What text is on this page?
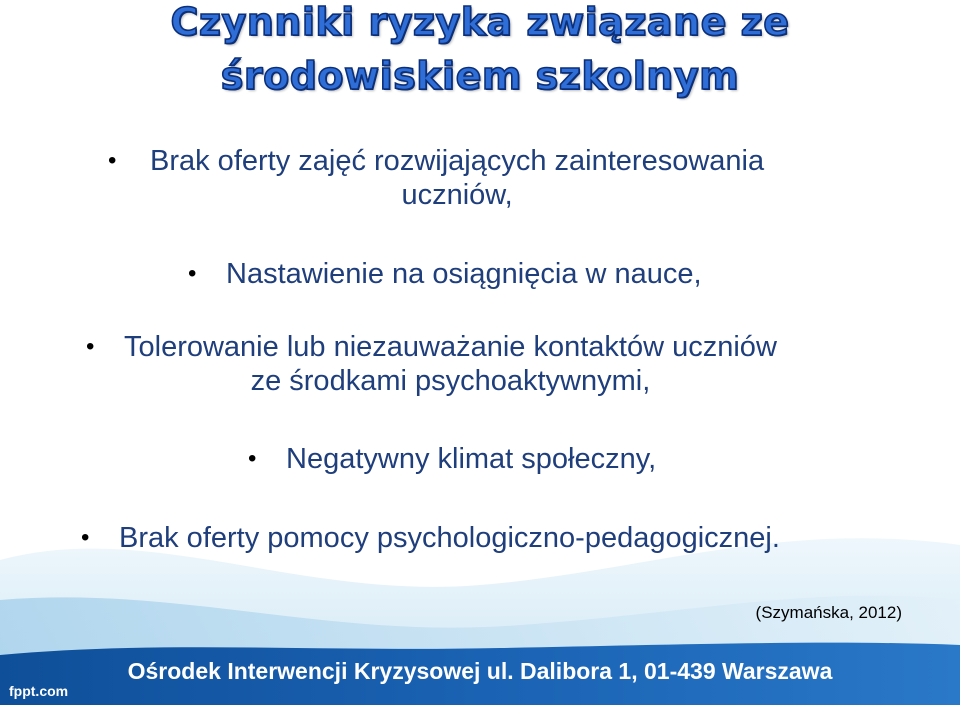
Czynniki ryzyka związane ze
środowiskiem szkolnym
• Brak oferty zajęć rozwijających zainteresowania
uczniów,
• Nastawienie na osiągnięcia w nauce,
• Tolerowanie lub niezauważanie kontaktów uczniów
ze środkami psychoaktywnymi,
• Negatywny klimat społeczny,
• Brak oferty pomocy psychologiczno-pedagogicznej.
(Szymańska, 2012)
Ośrodek Interwencji Kryzysowej ul. Dalibora 1, 01-439 Warszawa
fppt.com
